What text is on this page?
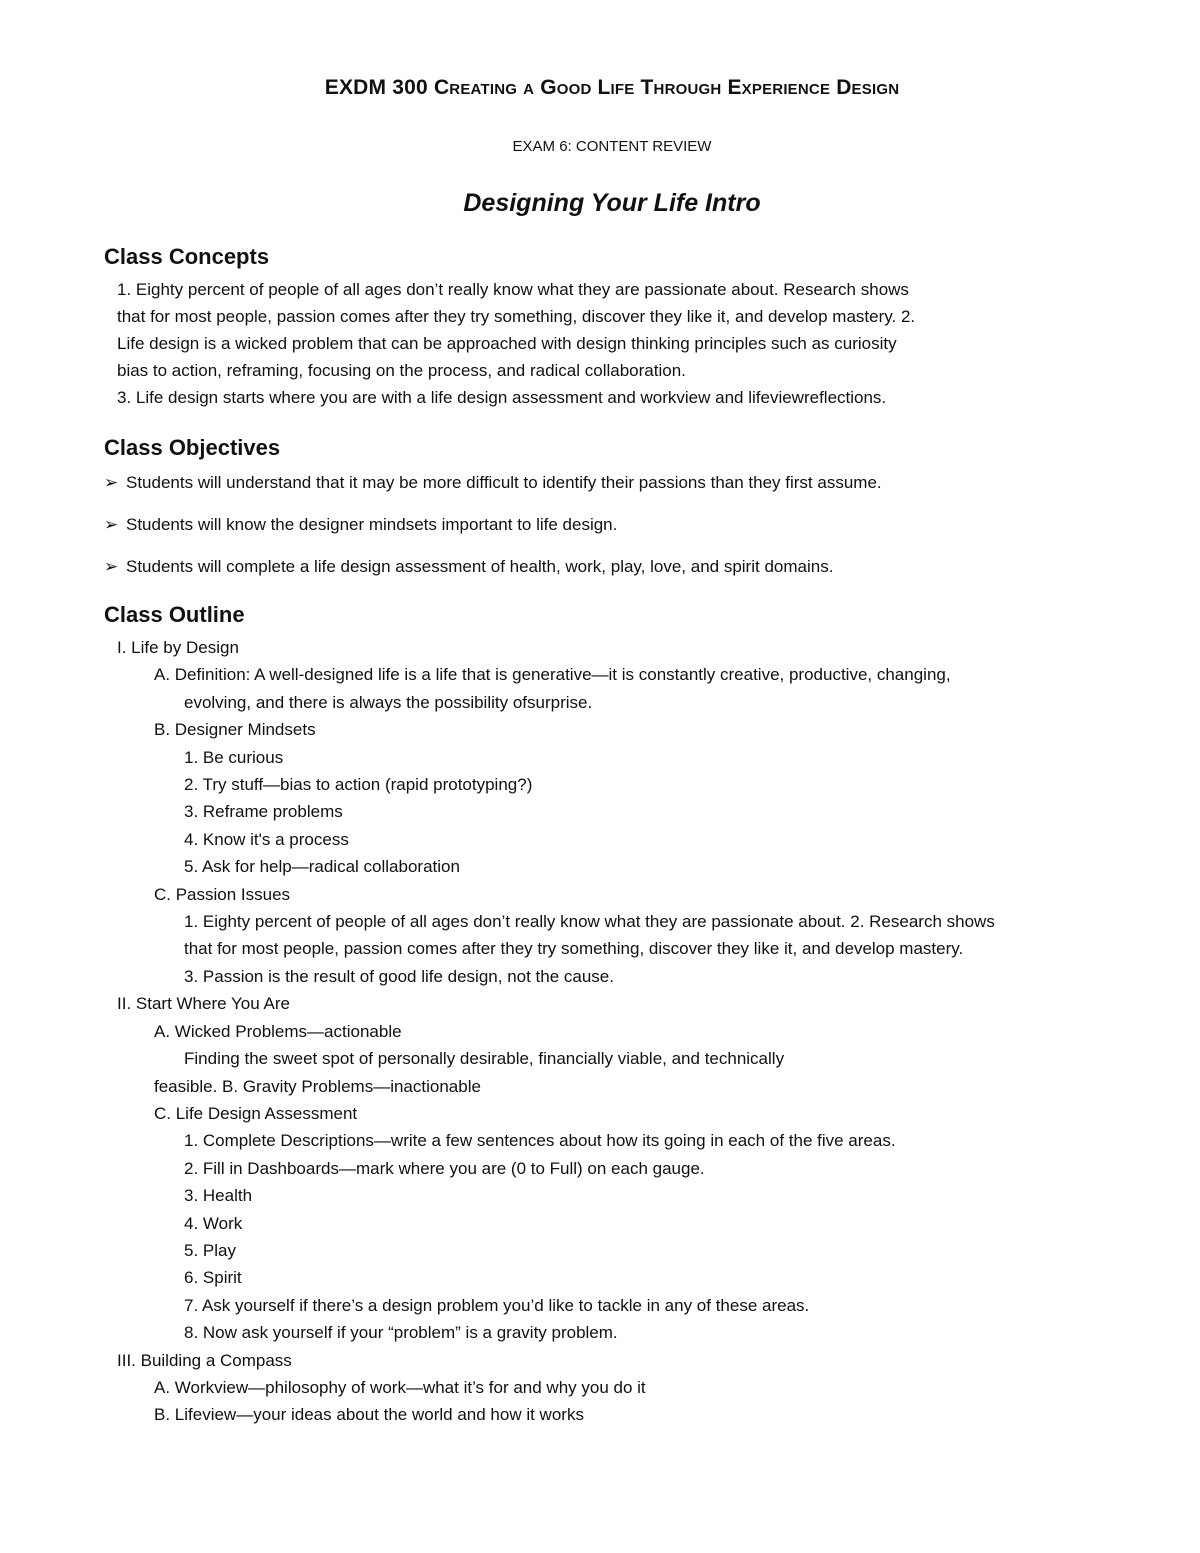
EXDM 300 Creating a Good Life Through Experience Design
EXAM 6: CONTENT REVIEW
Designing Your Life Intro
Class Concepts

1. Eighty percent of people of all ages don’t really know what they are passionate about. Research shows

that for most people, passion comes after they try something, discover they like it, and develop mastery. 2.

Life design is a wicked problem that can be approached with design thinking principles such as curiosity

bias to action, reframing, focusing on the process, and radical collaboration.

3. Life design starts where you are with a life design assessment and workview and lifeviewreflections.

Class Objectives
➢ Students will understand that it may be more difficult to identify their passions than they first assume.
➢ Students will know the designer mindsets important to life design.
➢ Students will complete a life design assessment of health, work, play, love, and spirit domains.
Class Outline
I. Life by Design
A. Definition: A well-designed life is a life that is generative—it is constantly creative, productive, changing,
evolving, and there is always the possibility ofsurprise.
B. Designer Mindsets
1. Be curious
2. Try stuff—bias to action (rapid prototyping?)
3. Reframe problems
4. Know it's a process
5. Ask for help—radical collaboration
C. Passion Issues
1. Eighty percent of people of all ages don’t really know what they are passionate about. 2. Research shows
that for most people, passion comes after they try something, discover they like it, and develop mastery.
3. Passion is the result of good life design, not the cause.
II. Start Where You Are
A. Wicked Problems—actionable
Finding the sweet spot of personally desirable, financially viable, and technically
feasible. B. Gravity Problems—inactionable
C. Life Design Assessment
1. Complete Descriptions—write a few sentences about how its going in each of the five areas.
2. Fill in Dashboards—mark where you are (0 to Full) on each gauge.
3. Health
4. Work
5. Play
6. Spirit
7. Ask yourself if there’s a design problem you’d like to tackle in any of these areas.
8. Now ask yourself if your “problem” is a gravity problem.
III. Building a Compass
A. Workview—philosophy of work—what it’s for and why you do it
B. Lifeview—your ideas about the world and how it works
